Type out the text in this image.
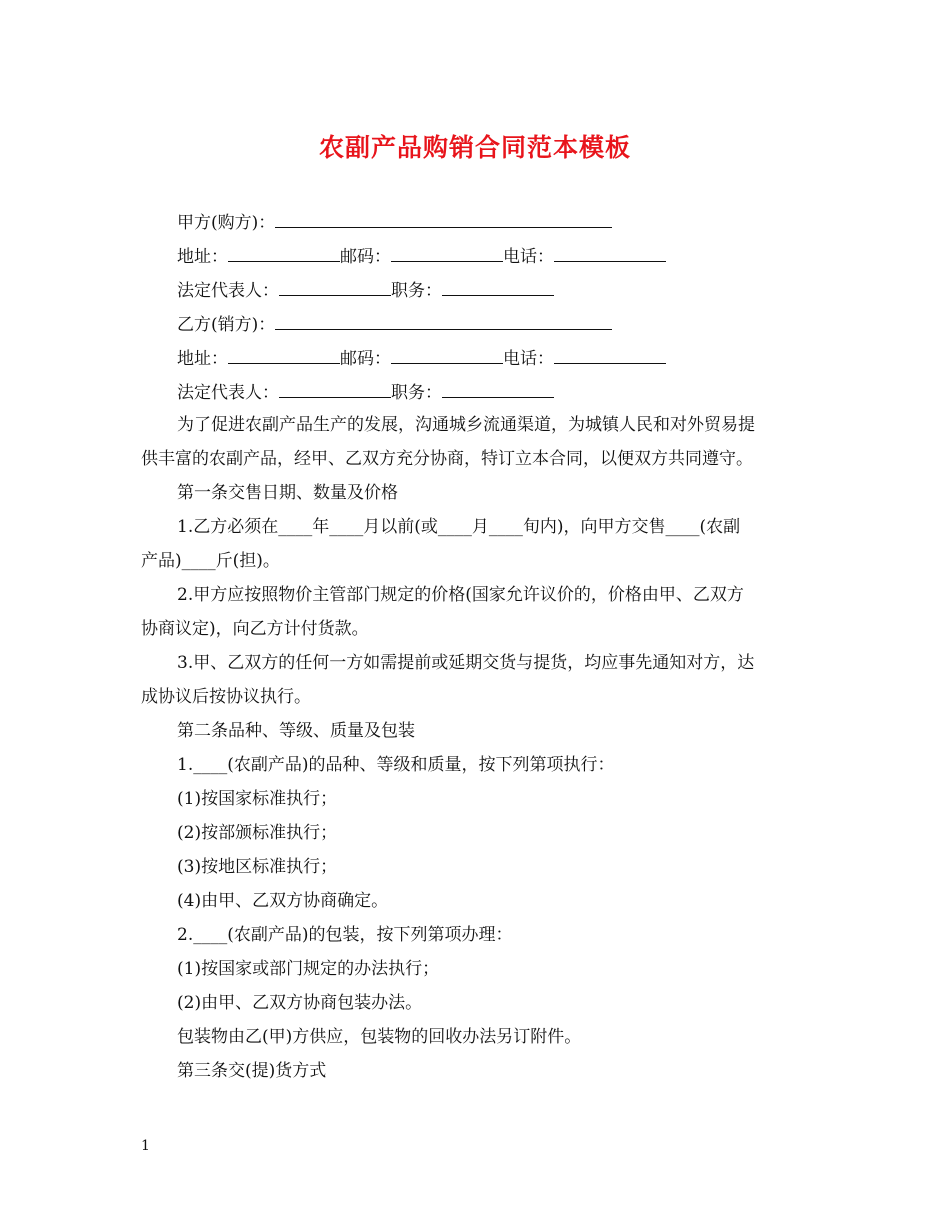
农副产品购销合同范本模板
甲方(购方)：
地址：	邮码：	电话：
法定代表人：	职务：
乙方(销方)：
地址：	邮码：	电话：
法定代表人：	职务：
为了促进农副产品生产的发展，沟通城乡流通渠道，为城镇人民和对外贸易提
供丰富的农副产品，经甲、乙双方充分协商，特订立本合同，以便双方共同遵守。
第一条交售日期、数量及价格
1.乙方必须在____年____月以前(或____月____旬内)，向甲方交售____(农副
产品)____斤(担)。
2.甲方应按照物价主管部门规定的价格(国家允许议价的，价格由甲、乙双方
协商议定)，向乙方计付货款。
3.甲、乙双方的任何一方如需提前或延期交货与提货，均应事先通知对方，达
成协议后按协议执行。
第二条品种、等级、质量及包装
1.____(农副产品)的品种、等级和质量，按下列第项执行：
(1)按国家标准执行；
(2)按部颁标准执行；
(3)按地区标准执行；
(4)由甲、乙双方协商确定。
2.____(农副产品)的包装，按下列第项办理：
(1)按国家或部门规定的办法执行；
(2)由甲、乙双方协商包装办法。
包装物由乙(甲)方供应，包装物的回收办法另订附件。
第三条交(提)货方式
1
